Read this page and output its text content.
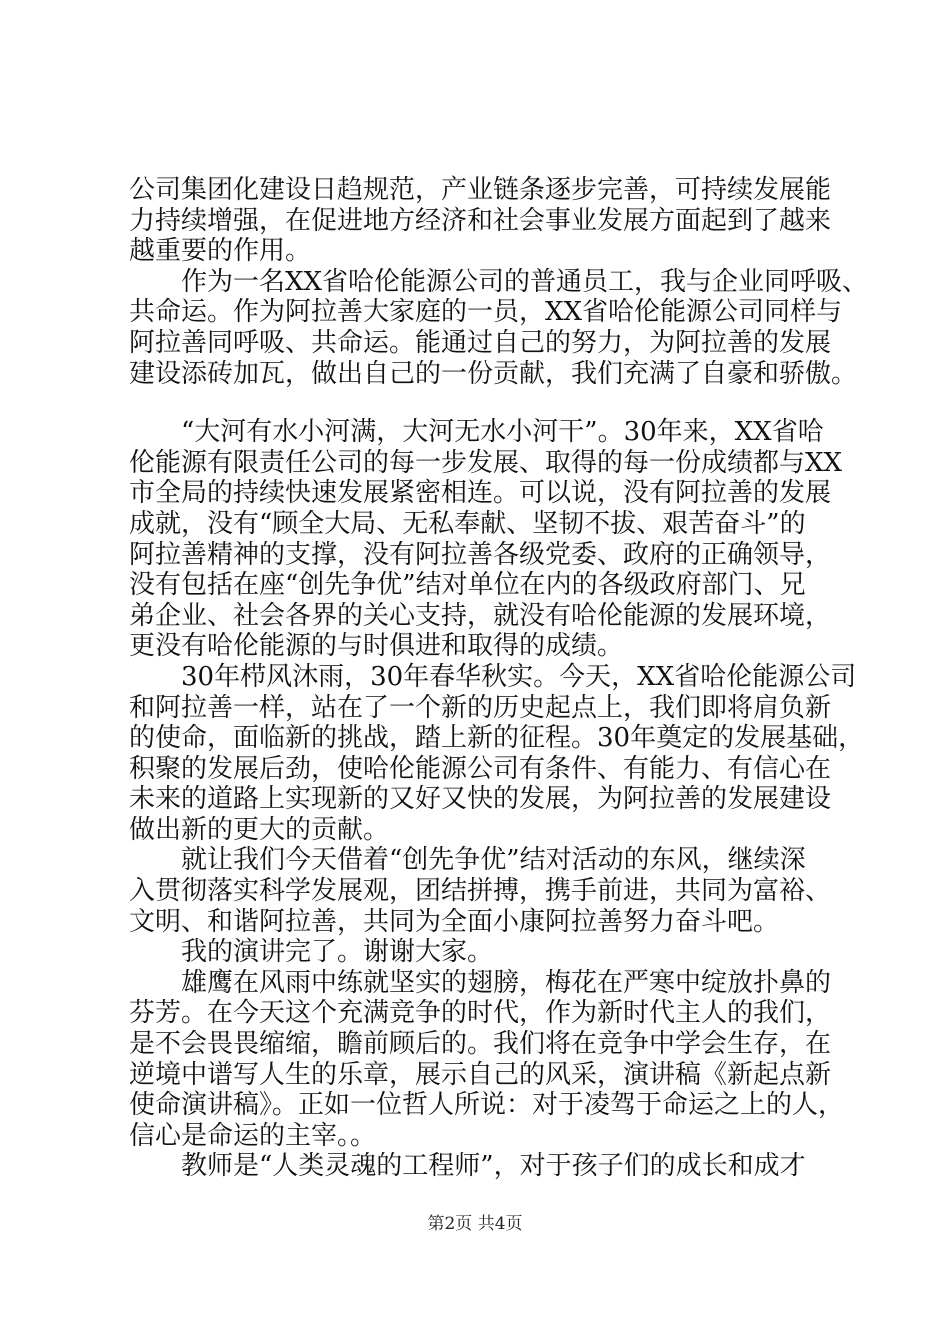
公司集团化建设日趋规范，产业链条逐步完善，可持续发展能
力持续增强，在促进地方经济和社会事业发展方面起到了越来
越重要的作用。
　　作为一名XX省哈伦能源公司的普通员工，我与企业同呼吸、
共命运。作为阿拉善大家庭的一员，XX省哈伦能源公司同样与
阿拉善同呼吸、共命运。能通过自己的努力，为阿拉善的发展
建设添砖加瓦，做出自己的一份贡献，我们充满了自豪和骄傲。
　　“大河有水小河满，大河无水小河干”。30年来，XX省哈
伦能源有限责任公司的每一步发展、取得的每一份成绩都与XX
市全局的持续快速发展紧密相连。可以说，没有阿拉善的发展
成就，没有“顾全大局、无私奉献、坚韧不拔、艰苦奋斗”的
阿拉善精神的支撑，没有阿拉善各级党委、政府的正确领导，
没有包括在座“创先争优”结对单位在内的各级政府部门、兄
弟企业、社会各界的关心支持，就没有哈伦能源的发展环境，
更没有哈伦能源的与时俱进和取得的成绩。
　　30年栉风沐雨，30年春华秋实。今天，XX省哈伦能源公司
和阿拉善一样，站在了一个新的历史起点上，我们即将肩负新
的使命，面临新的挑战，踏上新的征程。30年奠定的发展基础，
积聚的发展后劲，使哈伦能源公司有条件、有能力、有信心在
未来的道路上实现新的又好又快的发展，为阿拉善的发展建设
做出新的更大的贡献。
　　就让我们今天借着“创先争优”结对活动的东风，继续深
入贯彻落实科学发展观，团结拼搏，携手前进，共同为富裕、
文明、和谐阿拉善，共同为全面小康阿拉善努力奋斗吧。
　　我的演讲完了。谢谢大家。
　　雄鹰在风雨中练就坚实的翅膀，梅花在严寒中绽放扑鼻的
芬芳。在今天这个充满竞争的时代，作为新时代主人的我们，
是不会畏畏缩缩，瞻前顾后的。我们将在竞争中学会生存，在
逆境中谱写人生的乐章，展示自己的风采，演讲稿《新起点新
使命演讲稿》。正如一位哲人所说：对于凌驾于命运之上的人，
信心是命运的主宰。。
　　教师是“人类灵魂的工程师”，对于孩子们的成长和成才
第2页 共4页
